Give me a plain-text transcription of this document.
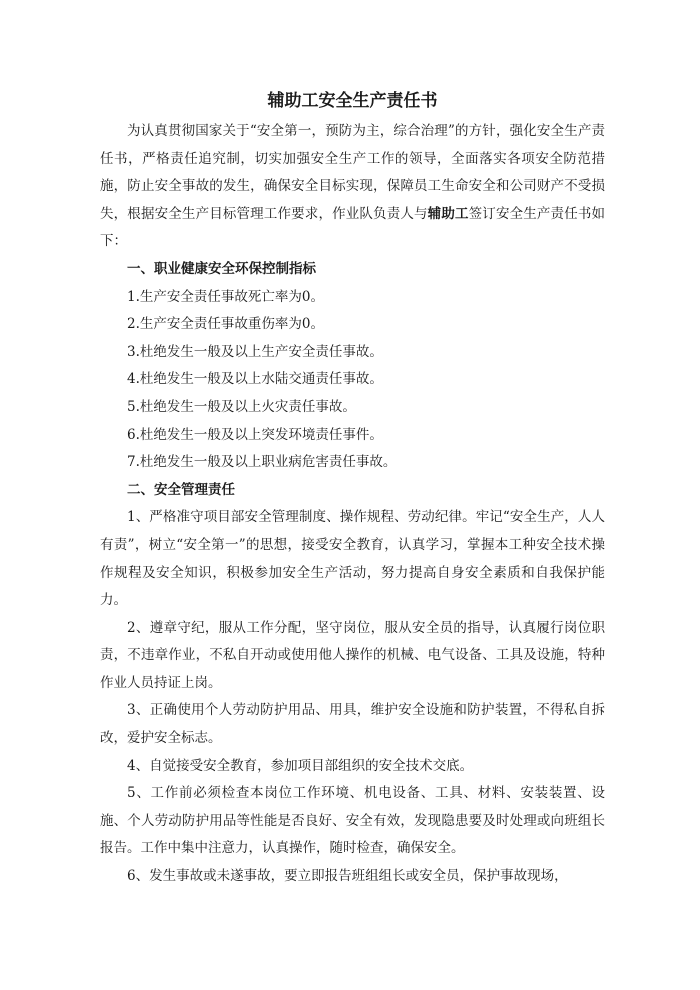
辅助工安全生产责任书

为认真贯彻国家关于“安全第一，预防为主，综合治理”的方针，强化安全生产责任书，严格责任追究制，切实加强安全生产工作的领导，全面落实各项安全防范措施，防止安全事故的发生，确保安全目标实现，保障员工生命安全和公司财产不受损失，根据安全生产目标管理工作要求，作业队负责人与辅助工签订安全生产责任书如下：

一、职业健康安全环保控制指标

1.生产安全责任事故死亡率为0。

2.生产安全责任事故重伤率为0。

3.杜绝发生一般及以上生产安全责任事故。

4.杜绝发生一般及以上水陆交通责任事故。

5.杜绝发生一般及以上火灾责任事故。

6.杜绝发生一般及以上突发环境责任事件。

7.杜绝发生一般及以上职业病危害责任事故。

二、安全管理责任

1、严格准守项目部安全管理制度、操作规程、劳动纪律。牢记“安全生产，人人有责”，树立“安全第一”的思想，接受安全教育，认真学习，掌握本工种安全技术操作规程及安全知识，积极参加安全生产活动，努力提高自身安全素质和自我保护能力。

2、遵章守纪，服从工作分配，坚守岗位，服从安全员的指导，认真履行岗位职责，不违章作业，不私自开动或使用他人操作的机械、电气设备、工具及设施，特种作业人员持证上岗。

3、正确使用个人劳动防护用品、用具，维护安全设施和防护装置，不得私自拆改，爱护安全标志。

4、自觉接受安全教育，参加项目部组织的安全技术交底。

5、工作前必须检查本岗位工作环境、机电设备、工具、材料、安装装置、设施、个人劳动防护用品等性能是否良好、安全有效，发现隐患要及时处理或向班组长报告。工作中集中注意力，认真操作，随时检查，确保安全。

6、发生事故或未遂事故，要立即报告班组组长或安全员，保护事故现场，
